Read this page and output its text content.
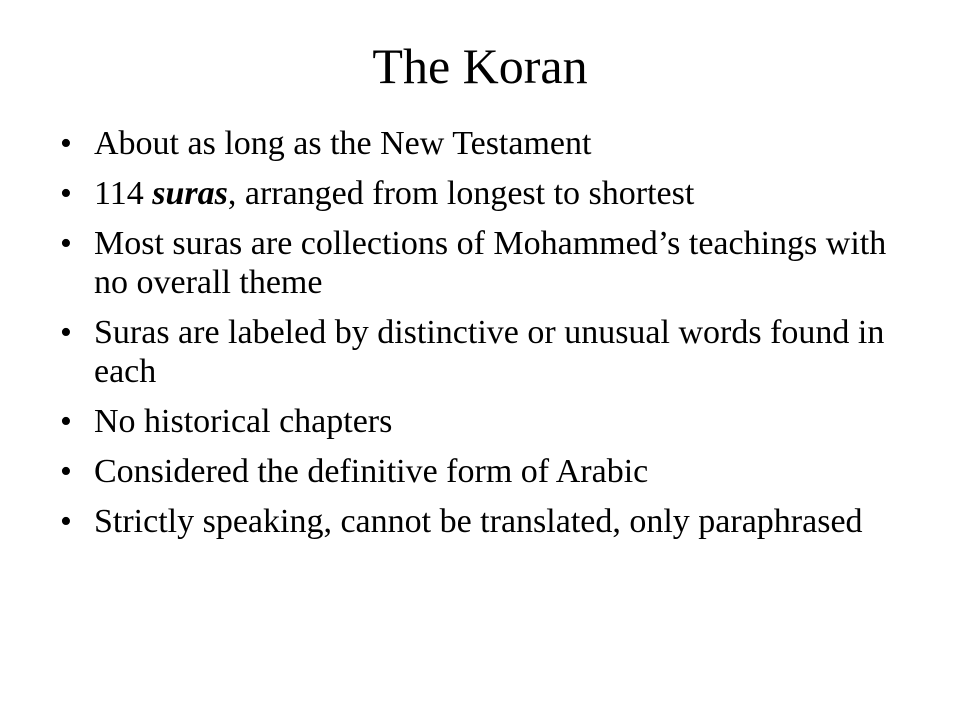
The Koran
• About as long as the New Testament
• 114 suras, arranged from longest to shortest
• Most suras are collections of Mohammed’s teachings with no overall theme
• Suras are labeled by distinctive or unusual words found in each
• No historical chapters
• Considered the definitive form of Arabic
• Strictly speaking, cannot be translated, only paraphrased
